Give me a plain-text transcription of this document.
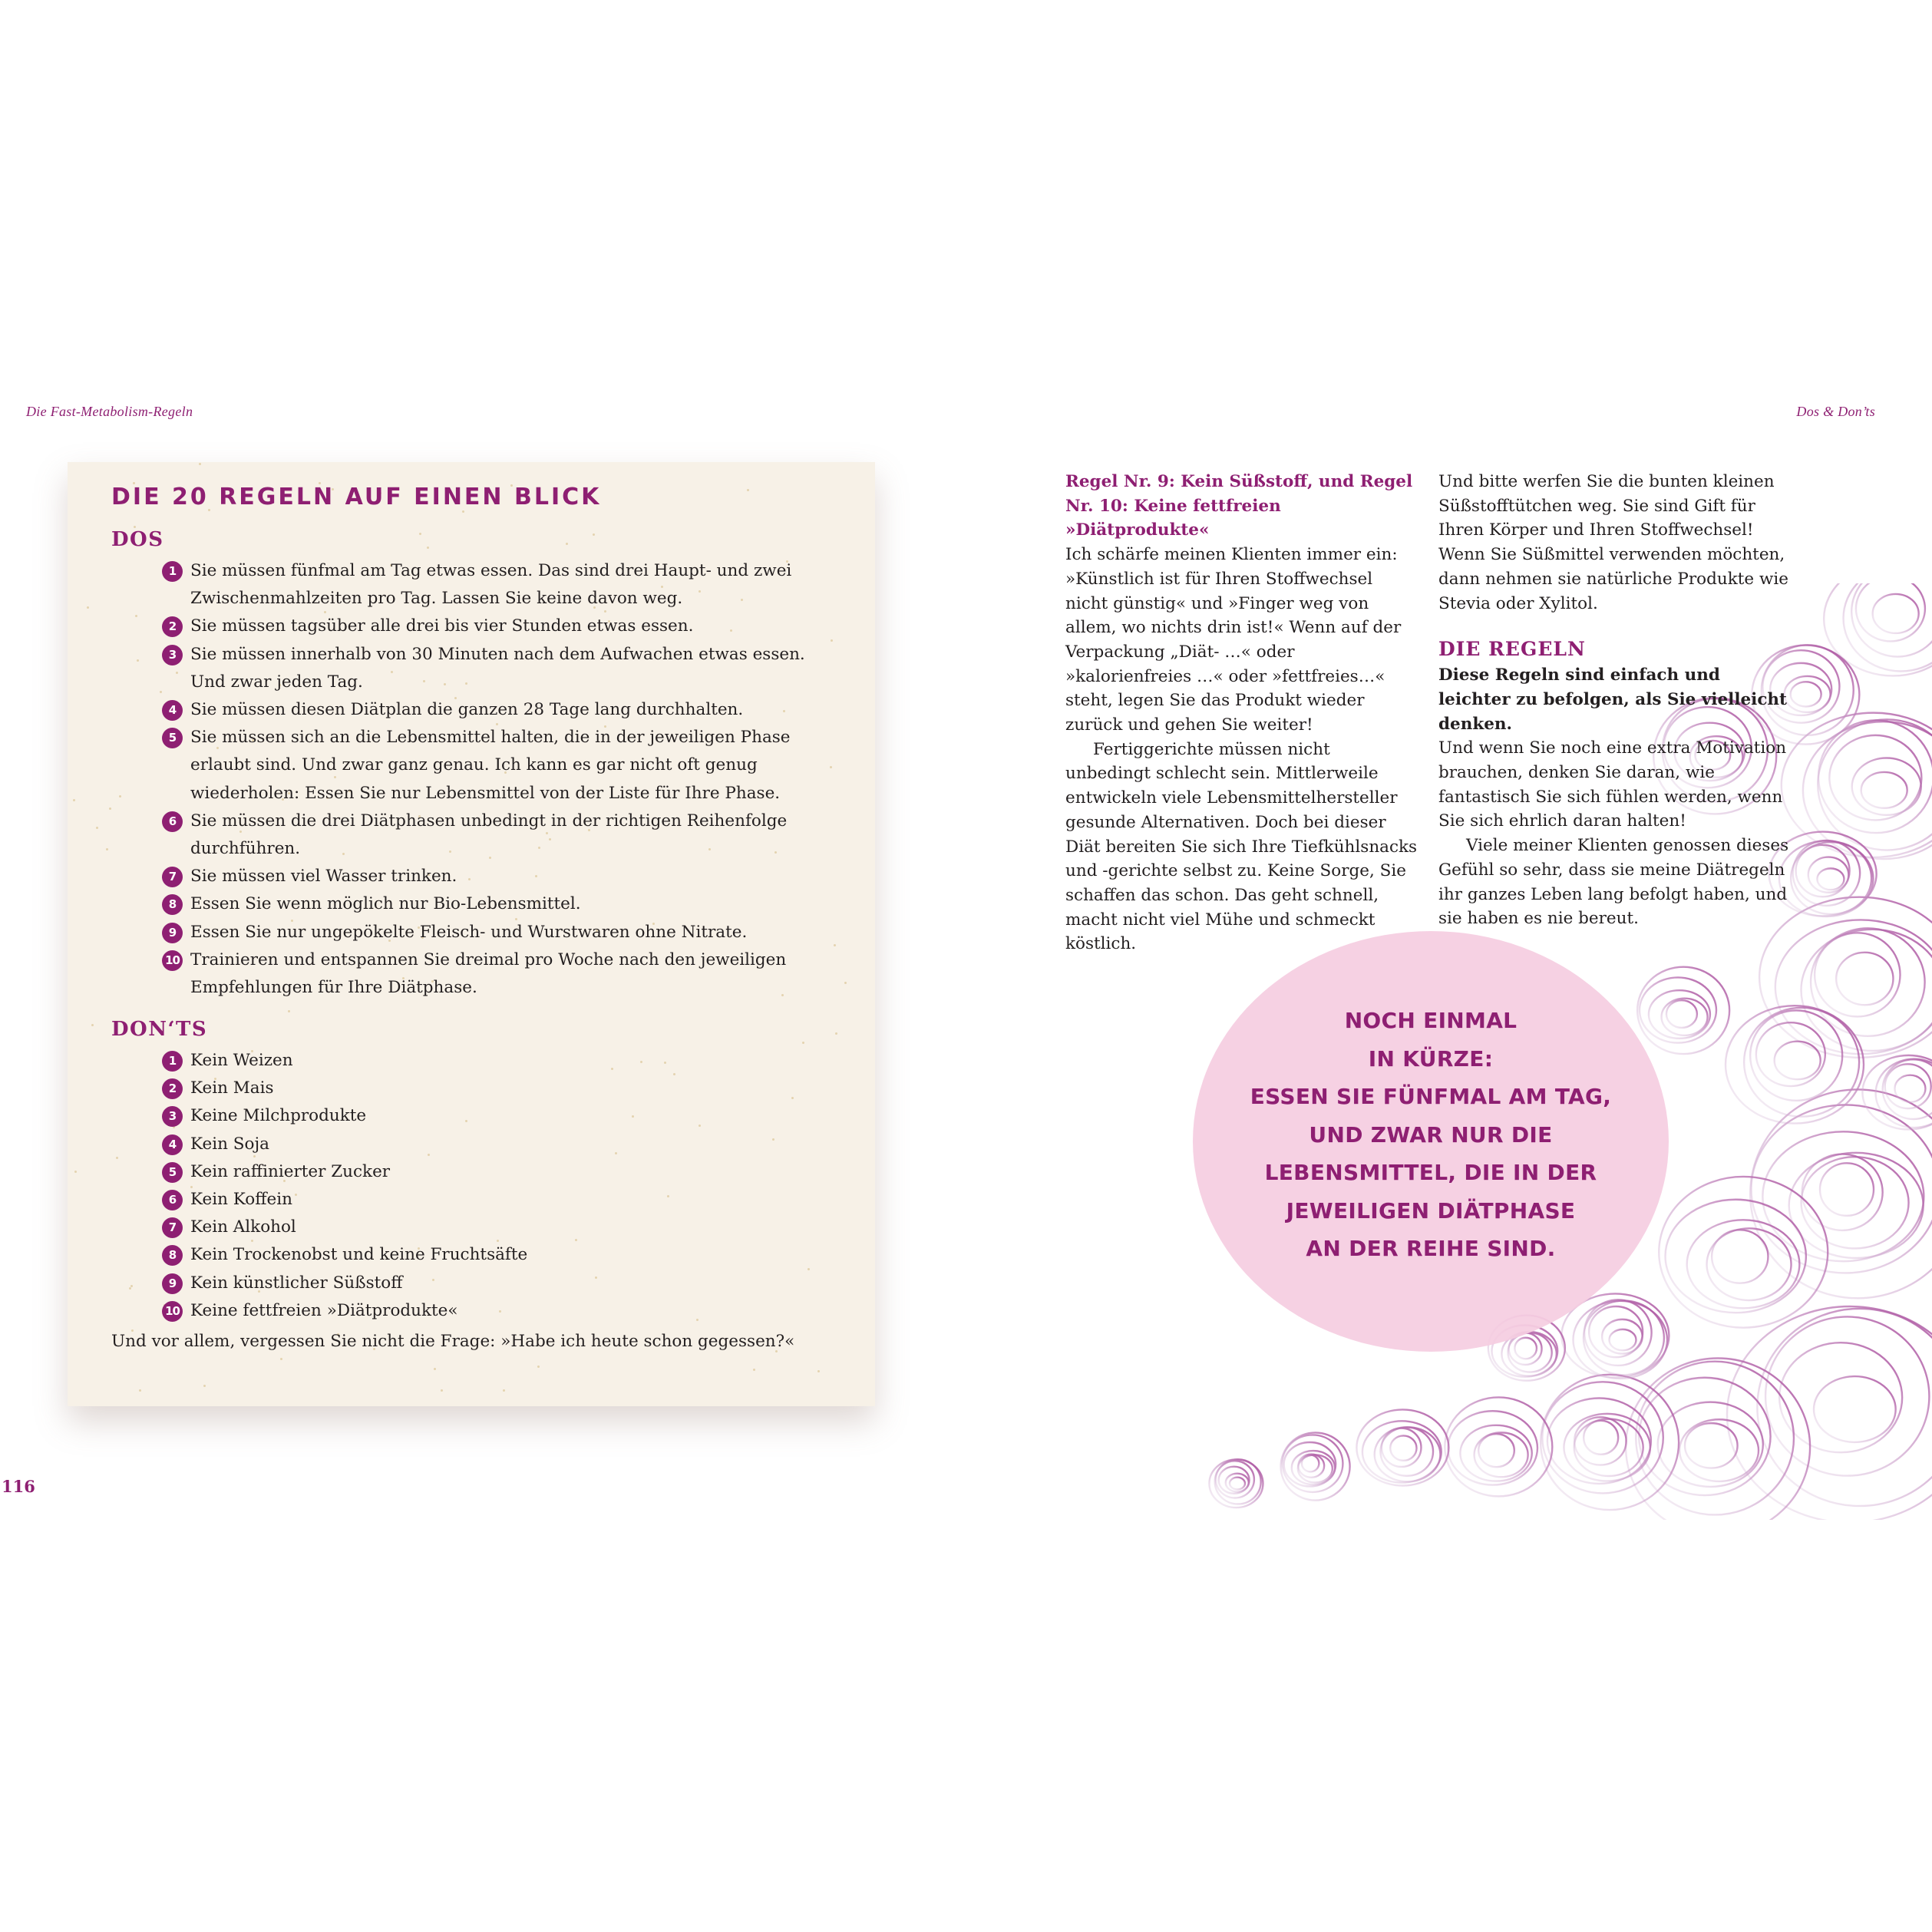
Die Fast-Metabolism-Regeln	Dos & Don’ts
DIE 20 REGELN AUF EINEN BLICK
DOS
1 Sie müssen fünfmal am Tag etwas essen. Das sind drei Haupt- und zwei Zwischenmahlzeiten pro Tag. Lassen Sie keine davon weg.
2 Sie müssen tagsüber alle drei bis vier Stunden etwas essen.
3 Sie müssen innerhalb von 30 Minuten nach dem Aufwachen etwas essen. Und zwar jeden Tag.
4 Sie müssen diesen Diätplan die ganzen 28 Tage lang durchhalten.
5 Sie müssen sich an die Lebensmittel halten, die in der jeweiligen Phase erlaubt sind. Und zwar ganz genau. Ich kann es gar nicht oft genug wiederholen: Essen Sie nur Lebensmittel von der Liste für Ihre Phase.
6 Sie müssen die drei Diätphasen unbedingt in der richtigen Reihenfolge durchführen.
7 Sie müssen viel Wasser trinken.
8 Essen Sie wenn möglich nur Bio-Lebensmittel.
9 Essen Sie nur ungepökelte Fleisch- und Wurstwaren ohne Nitrate.
10 Trainieren und entspannen Sie dreimal pro Woche nach den jeweiligen Empfehlungen für Ihre Diätphase.
DON‘TS
1 Kein Weizen
2 Kein Mais
3 Keine Milchprodukte
4 Kein Soja
5 Kein raffinierter Zucker
6 Kein Koffein
7 Kein Alkohol
8 Kein Trockenobst und keine Fruchtsäfte
9 Kein künstlicher Süßstoff
10 Keine fettfreien »Diätprodukte«

Und vor allem, vergessen Sie nicht die Frage: »Habe ich heute schon gegessen?«

116

Regel Nr. 9: Kein Süßstoff, und Regel Nr. 10: Keine fettfreien »Diätprodukte«

Ich schärfe meinen Klienten immer ein: »Künstlich ist für Ihren Stoffwechsel nicht günstig« und »Finger weg von allem, wo nichts drin ist!« Wenn auf der Verpackung „Diät- …« oder »kalorienfreies …« oder »fettfreies…« steht, legen Sie das Produkt wieder zurück und gehen Sie weiter!

Fertiggerichte müssen nicht unbedingt schlecht sein. Mittlerweile entwickeln viele Lebensmittelhersteller gesunde Alternativen. Doch bei dieser Diät bereiten Sie sich Ihre Tiefkühlsnacks und -gerichte selbst zu. Keine Sorge, Sie schaffen das schon. Das geht schnell, macht nicht viel Mühe und schmeckt köstlich.

Und bitte werfen Sie die bunten kleinen Süßstofftütchen weg. Sie sind Gift für Ihren Körper und Ihren Stoffwechsel! Wenn Sie Süßmittel verwenden möchten, dann nehmen sie natürliche Produkte wie Stevia oder Xylitol.

DIE REGELN

Diese Regeln sind einfach und leichter zu befolgen, als Sie vielleicht denken.

Und wenn Sie noch eine extra Motivation brauchen, denken Sie daran, wie fantastisch Sie sich fühlen werden, wenn Sie sich ehrlich daran halten!

Viele meiner Klienten genossen dieses Gefühl so sehr, dass sie meine Diätregeln ihr ganzes Leben lang befolgt haben, und sie haben es nie bereut.

NOCH EINMAL
IN KÜRZE:
ESSEN SIE FÜNFMAL AM TAG,
UND ZWAR NUR DIE
LEBENSMITTEL, DIE IN DER
JEWEILIGEN DIÄTPHASE
AN DER REIHE SIND.
